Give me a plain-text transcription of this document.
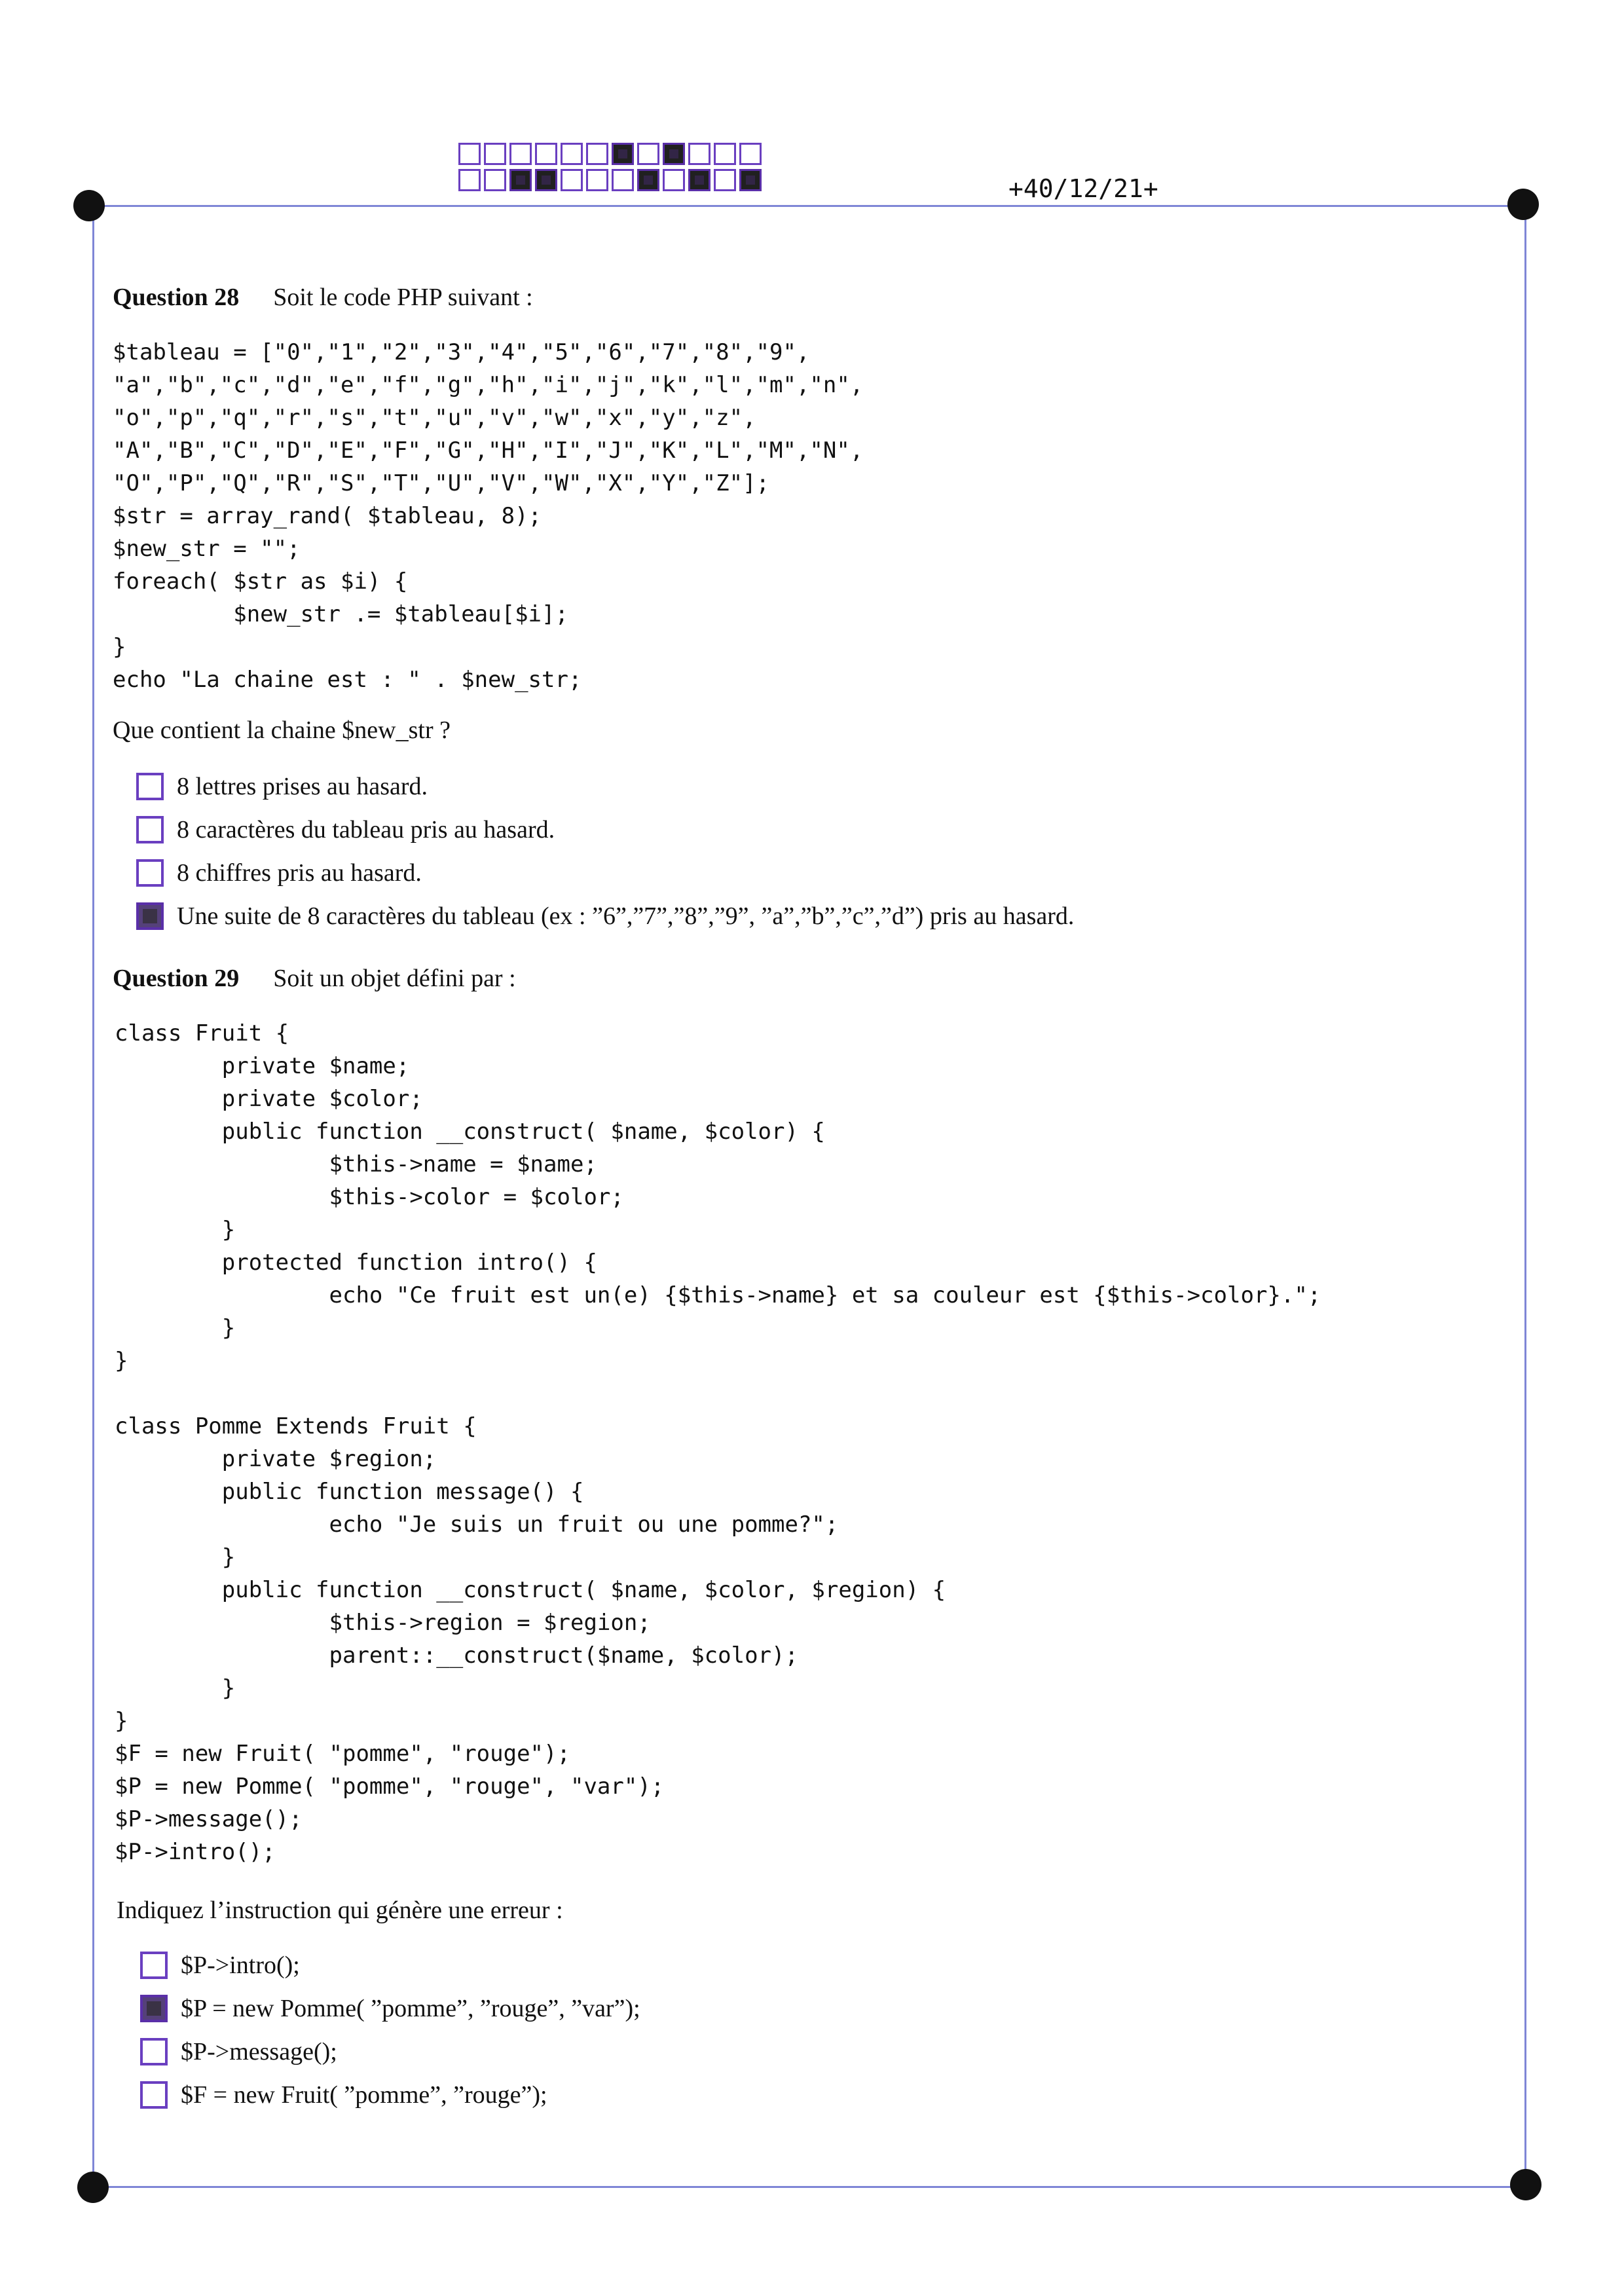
+40/12/21+
Question 28 Soit le code PHP suivant :
$tableau = ["0","1","2","3","4","5","6","7","8","9",
"a","b","c","d","e","f","g","h","i","j","k","l","m","n",
"o","p","q","r","s","t","u","v","w","x","y","z",
"A","B","C","D","E","F","G","H","I","J","K","L","M","N",
"O","P","Q","R","S","T","U","V","W","X","Y","Z"];
$str = array_rand( $tableau, 8);
$new_str = "";
foreach( $str as $i) {
$new_str .= $tableau[$i];
}
echo "La chaine est : " . $new_str;
Que contient la chaine $new_str ?
8 lettres prises au hasard.
8 caractères du tableau pris au hasard.
8 chiffres pris au hasard.
Une suite de 8 caractères du tableau (ex : ”6”,”7”,”8”,”9”, ”a”,”b”,”c”,”d”) pris au hasard.
Question 29 Soit un objet défini par :
class Fruit {
private $name;
private $color;
public function __construct( $name, $color) {
$this->name = $name;
$this->color = $color;
}
protected function intro() {
echo "Ce fruit est un(e) {$this->name} et sa couleur est {$this->color}.";
}
}

class Pomme Extends Fruit {
private $region;
public function message() {
echo "Je suis un fruit ou une pomme?";
}
public function __construct( $name, $color, $region) {
$this->region = $region;
parent::__construct($name, $color);
}
}
$F = new Fruit( "pomme", "rouge");
$P = new Pomme( "pomme", "rouge", "var");
$P->message();
$P->intro();
Indiquez l’instruction qui génère une erreur :
$P->intro();
$P = new Pomme( ”pomme”, ”rouge”, ”var”);
$P->message();
$F = new Fruit( ”pomme”, ”rouge”);
